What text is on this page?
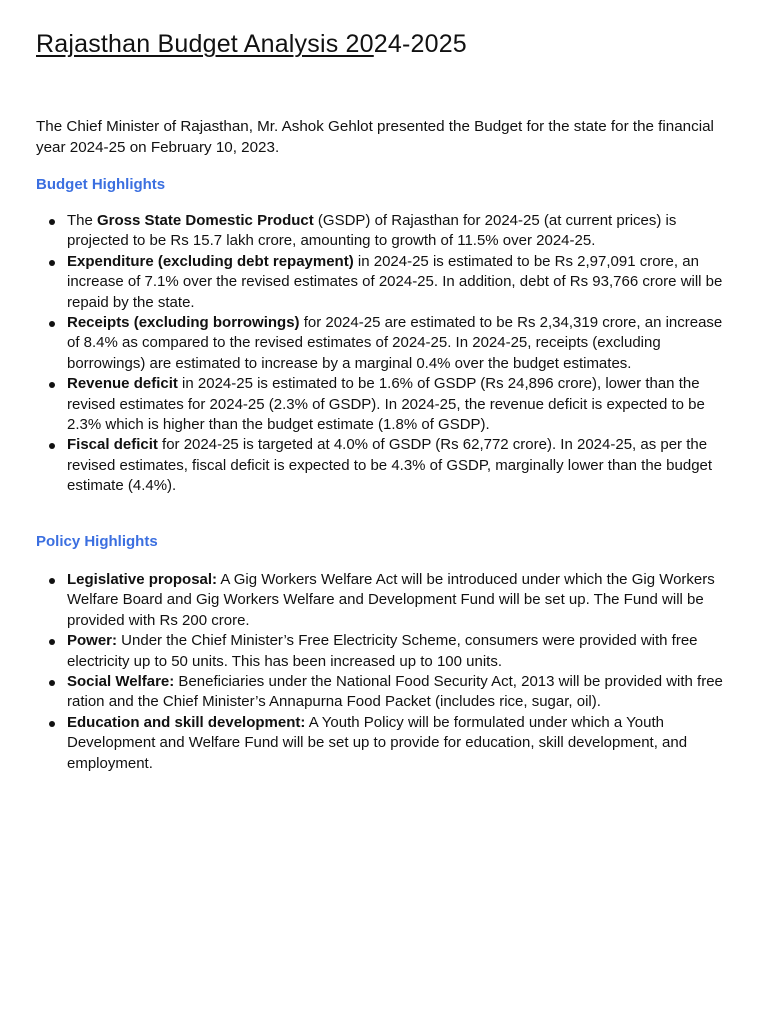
Rajasthan Budget Analysis 2024-2025

The Chief Minister of Rajasthan, Mr. Ashok Gehlot presented the Budget for the state for the financial year 2024-25 on February 10, 2023.

Budget Highlights
The Gross State Domestic Product (GSDP) of Rajasthan for 2024-25 (at current prices) is projected to be Rs 15.7 lakh crore, amounting to growth of 11.5% over 2024-25.
Expenditure (excluding debt repayment) in 2024-25 is estimated to be Rs 2,97,091 crore, an increase of 7.1% over the revised estimates of 2024-25. In addition, debt of Rs 93,766 crore will be repaid by the state.
Receipts (excluding borrowings) for 2024-25 are estimated to be Rs 2,34,319 crore, an increase of 8.4% as compared to the revised estimates of 2024-25. In 2024-25, receipts (excluding borrowings) are estimated to increase by a marginal 0.4% over the budget estimates.
Revenue deficit in 2024-25 is estimated to be 1.6% of GSDP (Rs 24,896 crore), lower than the revised estimates for 2024-25 (2.3% of GSDP). In 2024-25, the revenue deficit is expected to be 2.3% which is higher than the budget estimate (1.8% of GSDP).
Fiscal deficit for 2024-25 is targeted at 4.0% of GSDP (Rs 62,772 crore). In 2024-25, as per the revised estimates, fiscal deficit is expected to be 4.3% of GSDP, marginally lower than the budget estimate (4.4%).
Policy Highlights
Legislative proposal: A Gig Workers Welfare Act will be introduced under which the Gig Workers Welfare Board and Gig Workers Welfare and Development Fund will be set up. The Fund will be provided with Rs 200 crore.
Power: Under the Chief Minister’s Free Electricity Scheme, consumers were provided with free electricity up to 50 units. This has been increased up to 100 units.
Social Welfare: Beneficiaries under the National Food Security Act, 2013 will be provided with free ration and the Chief Minister’s Annapurna Food Packet (includes rice, sugar, oil).
Education and skill development: A Youth Policy will be formulated under which a Youth Development and Welfare Fund will be set up to provide for education, skill development, and employment.
